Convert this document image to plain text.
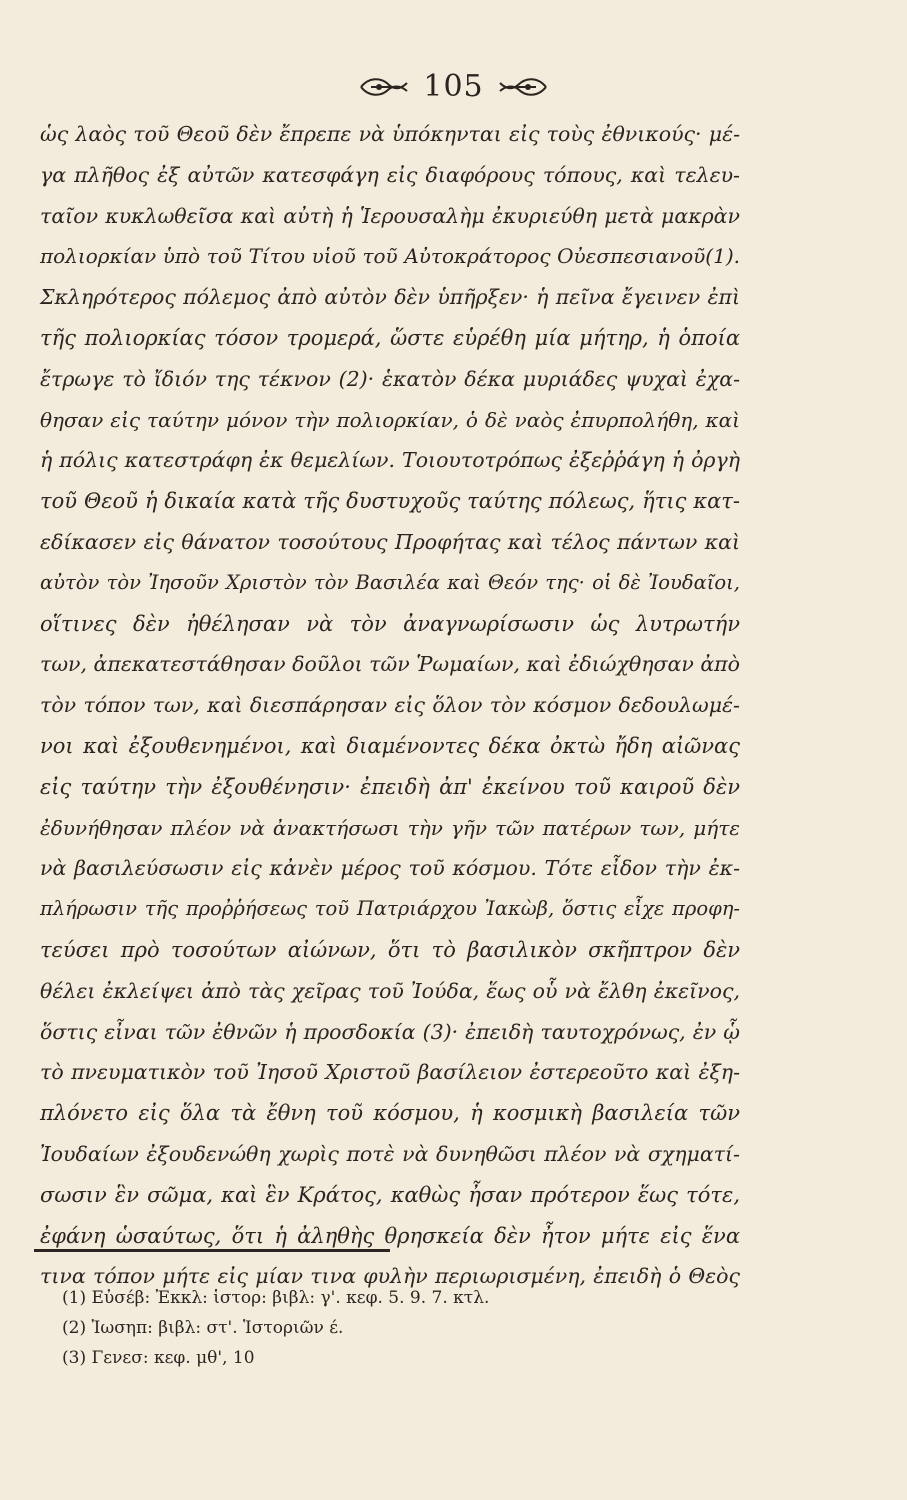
105
ὡς λαὸς τοῦ Θεοῦ δὲν ἔπρεπε νὰ ὑπόκηνται εἰς τοὺς ἐθνικούς· μέ-
γα πλῆθος ἐξ αὐτῶν κατεσφάγη εἰς διαφόρους τόπους, καὶ τελευ-
ταῖον κυκλωθεῖσα καὶ αὐτὴ ἡ Ἱερουσαλὴμ ἐκυριεύθη μετὰ μακρὰν
πολιορκίαν ὑπὸ τοῦ Τίτου υἱοῦ τοῦ Αὐτοκράτορος Οὐεσπεσιανοῦ(1).
Σκληρότερος πόλεμος ἀπὸ αὐτὸν δὲν ὑπῆρξεν· ἡ πεῖνα ἔγεινεν ἐπὶ
τῆς πολιορκίας τόσον τρομερά, ὥστε εὑρέθη μία μήτηρ, ἡ ὁποία
ἔτρωγε τὸ ἴδιόν της τέκνον (2)· ἑκατὸν δέκα μυριάδες ψυχαὶ ἐχα-
θησαν εἰς ταύτην μόνον τὴν πολιορκίαν, ὁ δὲ ναὸς ἐπυρπολήθη, καὶ
ἡ πόλις κατεστράφη ἐκ θεμελίων. Τοιουτοτρόπως ἐξεῤῥάγη ἡ ὀργὴ
τοῦ Θεοῦ ἡ δικαία κατὰ τῆς δυστυχοῦς ταύτης πόλεως, ἥτις κατ-
εδίκασεν εἰς θάνατον τοσούτους Προφήτας καὶ τέλος πάντων καὶ
αὐτὸν τὸν Ἰησοῦν Χριστὸν τὸν Βασιλέα καὶ Θεόν της· οἱ δὲ Ἰουδαῖοι,
οἵτινες δὲν ἠθέλησαν νὰ τὸν ἀναγνωρίσωσιν ὡς λυτρωτήν
των, ἀπεκατεστάθησαν δοῦλοι τῶν Ῥωμαίων, καὶ ἐδιώχθησαν ἀπὸ
τὸν τόπον των, καὶ διεσπάρησαν εἰς ὅλον τὸν κόσμον δεδουλωμέ-
νοι καὶ ἐξουθενημένοι, καὶ διαμένοντες δέκα ὀκτὼ ἤδη αἰῶνας
εἰς ταύτην τὴν ἐξουθένησιν· ἐπειδὴ ἀπ' ἐκείνου τοῦ καιροῦ δὲν
ἐδυνήθησαν πλέον νὰ ἀνακτήσωσι τὴν γῆν τῶν πατέρων των, μήτε
νὰ βασιλεύσωσιν εἰς κἀνὲν μέρος τοῦ κόσμου. Τότε εἶδον τὴν ἐκ-
πλήρωσιν τῆς προῤῥήσεως τοῦ Πατριάρχου Ἰακὼβ, ὅστις εἶχε προφη-
τεύσει πρὸ τοσούτων αἰώνων, ὅτι τὸ βασιλικὸν σκῆπτρον δὲν
θέλει ἐκλείψει ἀπὸ τὰς χεῖρας τοῦ Ἰούδα, ἕως οὗ νὰ ἔλθη ἐκεῖνος,
ὅστις εἶναι τῶν ἐθνῶν ἡ προσδοκία (3)· ἐπειδὴ ταυτοχρόνως, ἐν ᾧ
τὸ πνευματικὸν τοῦ Ἰησοῦ Χριστοῦ βασίλειον ἐστερεοῦτο καὶ ἐξη-
πλόνετο εἰς ὅλα τὰ ἔθνη τοῦ κόσμου, ἡ κοσμικὴ βασιλεία τῶν
Ἰουδαίων ἐξουδενώθη χωρὶς ποτὲ νὰ δυνηθῶσι πλέον νὰ σχηματί-
σωσιν ἓν σῶμα, καὶ ἓν Κράτος, καθὼς ἦσαν πρότερον ἕως τότε,
ἐφάνη ὡσαύτως, ὅτι ἡ ἀληθὴς θρησκεία δὲν ἦτον μήτε εἰς ἕνα
τινα τόπον μήτε εἰς μίαν τινα φυλὴν περιωρισμένη, ἐπειδὴ ὁ Θεὸς
(1) Εὐσέβ: Ἐκκλ: ἱστορ: βιβλ: γ'. κεφ. 5. 9. 7. κτλ.
(2) Ἰωσηπ: βιβλ: στ'. Ἱστοριῶν έ.
(3) Γενεσ: κεφ. μθ', 10
